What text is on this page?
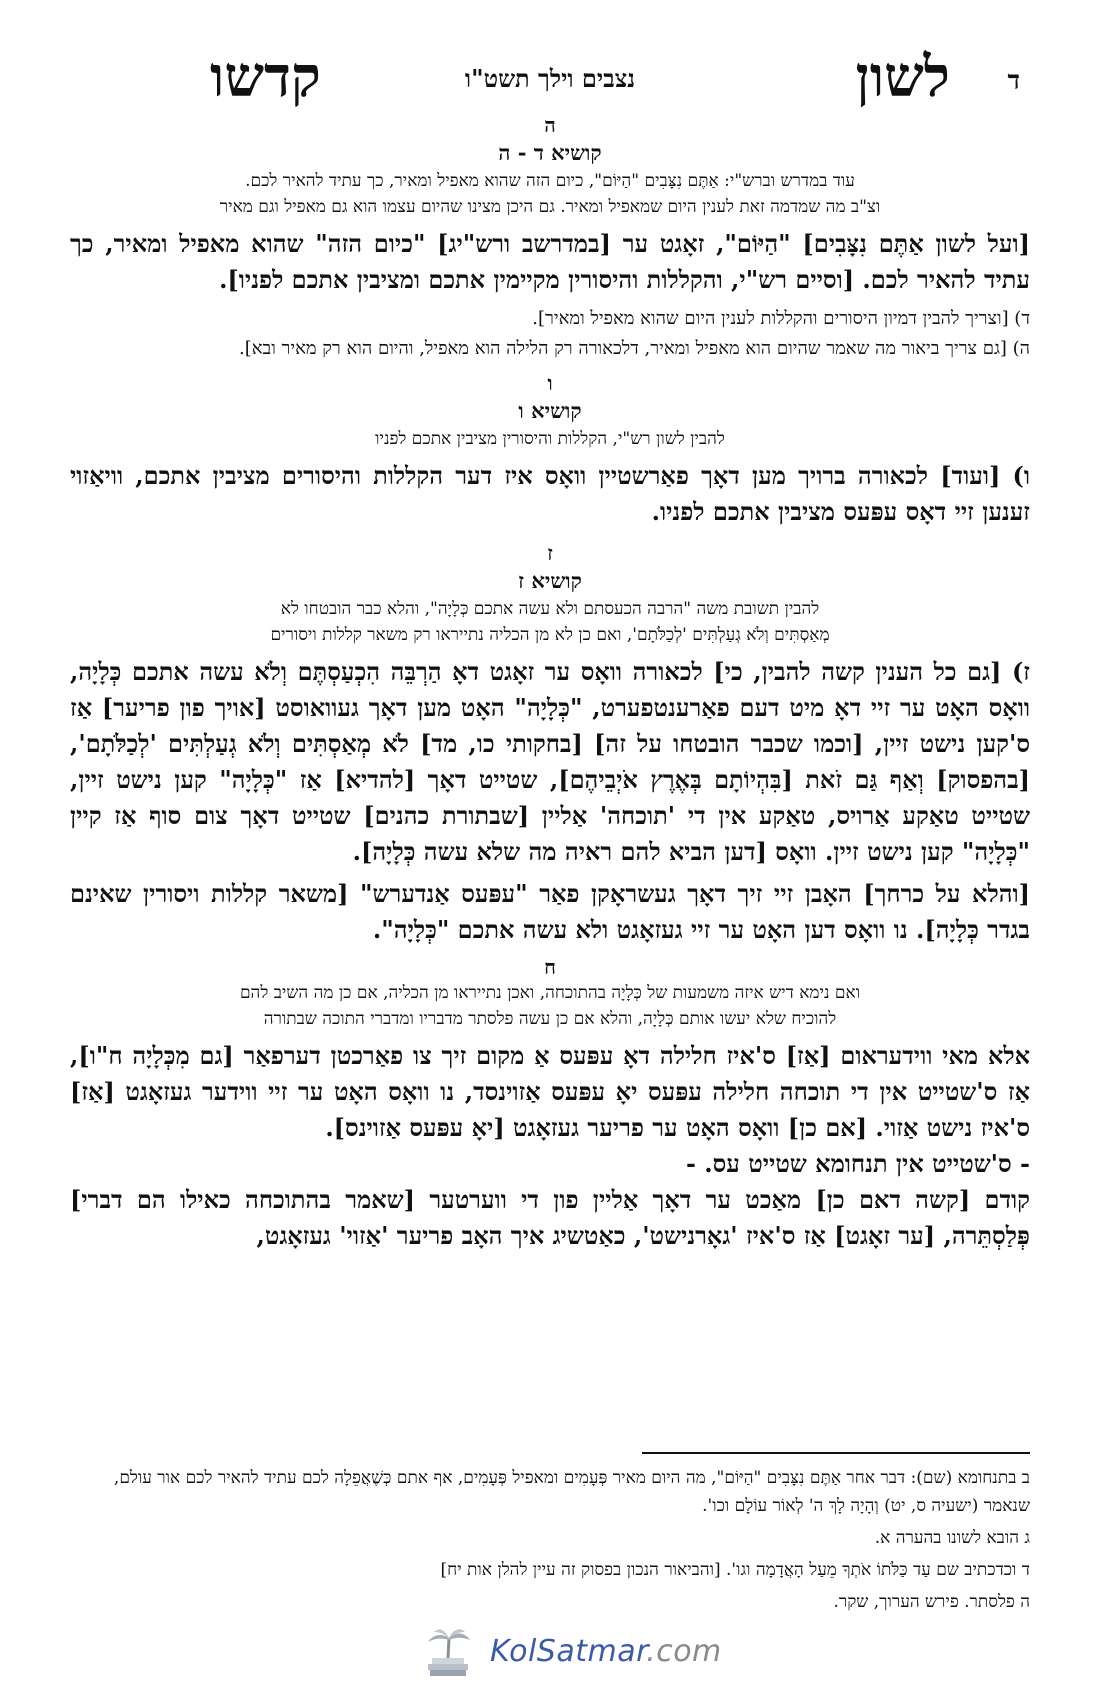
ד
לשון
נצבים וילך תשט"ו
קדשו
ה
קושיא ד - ה
עוד במדרש וברש"י: אַתֶּם נִצָּבִים "הַיּוֹם", כיום הזה שהוא מאפיל ומאיר, כך עתיד להאיר לכם.
וצ"ב מה שמדמה זאת לענין היום שמאפיל ומאיר. גם היכן מצינו שהיום עצמו הוא גם מאפיל וגם מאיר

[ועל לשון אַתֶּם נִצָּבִים] "הַיּוֹם", זאָגט ער [במדרשב ורש"יג] "כיום הזה" שהוא מאפיל ומאיר, כך עתיד להאיר לכם. [וסיים רש"י, והקללות והיסורין מקיימין אתכם ומציבין אתכם לפניו].

ד) [וצריך להבין דמיון היסורים והקללות לענין היום שהוא מאפיל ומאיר].

ה) [גם צריך ביאור מה שאמר שהיום הוא מאפיל ומאיר, דלכאורה רק הלילה הוא מאפיל, והיום הוא רק מאיר ובא].

ו
קושיא ו
להבין לשון רש"י, הקללות והיסורין מציבין אתכם לפניו

ו) [ועוד] לכאורה ברויך מען דאָך פאַרשטיין וואָס איז דער הקללות והיסורים מציבין אתכם, וויאַזוי זענען זיי דאָס עפּעס מציבין אתכם לפניו.

ז
קושיא ז
להבין תשובת משה "הרבה הכעסתם ולא עשה אתכם כְּלָיָה", והלא כבר הובטחו לא
מְאַסְתִּים וְלֹא גְעַלְתִּים 'לְכַלֹּתָם', ואם כן לא מן הכליה נתייראו רק משאר קללות ויסורים

ז) [גם כל הענין קשה להבין, כי] לכאורה וואָס ער זאָגט דאָ הַרְבֵּה הִכְעַסְתֶּם וְלֹא עשה אתכם כְּלָיָה, וואָס האָט ער זיי דאָ מיט דעם פאַרענטפערט, "כְּלָיָה" האָט מען דאָך געוואוסט [אויך פון פריער] אַז ס'קען נישט זיין, [וכמו שכבר הובטחו על זה] [בחקותי כו, מד] לֹא מְאַסְתִּים וְלֹא גְעַלְתִּים 'לְכַלֹּתָם', [בהפסוק] וְאַף גַּם זֹאת [בִּהְיוֹתָם בְּאֶרֶץ אֹיְבֵיהֶם], שטייט דאָך [להדיא] אַז "כְּלָיָה" קען נישט זיין, שטייט טאַקע אַרויס, טאַקע אין די 'תוכחה' אַליין [שבתורת כהנים] שטייט דאָך צום סוף אַז קיין "כְּלָיָה" קען נישט זיין. וואָס [דען הביא להם ראיה מה שלא עשה כְּלָיָה].

[והלא על כרחך] האָבן זיי זיך דאָך געשראָקן פאַר "עפּעס אַנדערש" [משאר קללות ויסורין שאינם בגדר כְּלָיָה]. נו וואָס דען האָט ער זיי געזאָגט ולא עשה אתכם "כְּלָיָה".

ח
ואם נימא דיש איזה משמעות של כְּלָיָה בהתוכחה, ואכן נתייראו מן הכליה, אם כן מה השיב להם
להוכיח שלא יעשו אותם כְּלָיָה, והלא אם כן עשה פלסתר מדבריו ומדברי התוכה שבתורה

אלא מאי ווידעראום [אַז] ס'איז חלילה דאָ עפּעס אַ מקום זיך צו פאַרכטן דערפאַר [גם מִכְּלָיָה ח"ו], אַז ס'שטייט אין די תוכחה חלילה עפּעס יאָ עפּעס אַזוינסד, נו וואָס האָט ער זיי ווידער געזאָגט [אַז] ס'איז נישט אַזוי. [אם כן] וואָס האָט ער פריער געזאָגט [יאָ עפּעס אַזוינס].

- ס'שטייט אין תנחומא שטייט עס. -

קודם [קשה דאם כן] מאַכט ער דאָך אַליין פון די ווערטער [שאמר בהתוכחה כאילו הם דברי] פְּלַסְתֵּרה, [ער זאָגט] אַז ס'איז 'גאָרנישט', כאַטשיג איך האָב פריער 'אַזוי' געזאָגט,

ב בתנחומא (שם): דבר אחר אַתֶּם נִצָּבִים "הַיּוֹם", מה היום מאיר פְּעָמִים ומאפיל פְּעָמִים, אף אתם כְּשֶׁאֲפֵלָה לכם עתיד להאיר לכם אור עולם, שנאמר (ישעיה ס, יט) וְהָיָה לָךְ ה' לְאוֹר עוֹלָם וכו'.

ג הובא לשונו בהערה א.

ד וכדכתיב שם עַד כַּלֹּתוֹ אֹתְךָ מֵעַל הָאֲדָמָה וגו'. [והביאור הנכון בפסוק זה עיין להלן אות יח]

ה פלסתר. פירש הערוך, שקר.

KolSatmar.com
